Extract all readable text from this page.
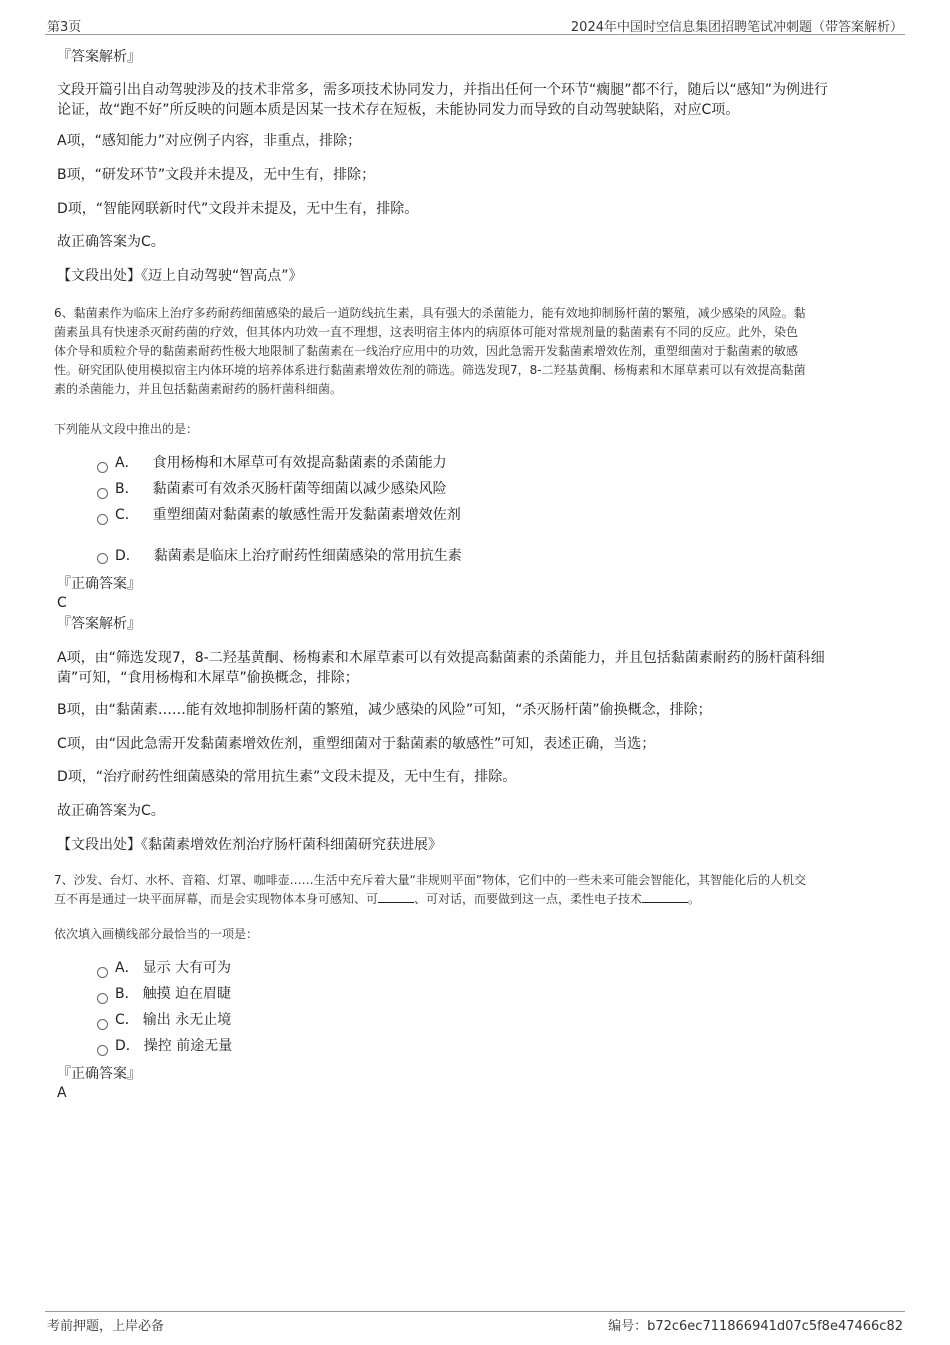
第3页	2024年中国时空信息集团招聘笔试冲刺题（带答案解析）
『答案解析』
文段开篇引出自动驾驶涉及的技术非常多，需多项技术协同发力，并指出任何一个环节“瘸腿”都不行，随后以“感知”为例进行
论证，故“跑不好”所反映的问题本质是因某一技术存在短板，未能协同发力而导致的自动驾驶缺陷，对应C项。
A项，“感知能力”对应例子内容，非重点，排除；
B项，“研发环节”文段并未提及，无中生有，排除；
D项，“智能网联新时代”文段并未提及，无中生有，排除。
故正确答案为C。
【文段出处】《迈上自动驾驶“智高点”》
6、黏菌素作为临床上治疗多药耐药细菌感染的最后一道防线抗生素，具有强大的杀菌能力，能有效地抑制肠杆菌的繁殖，减少感染的风险。黏
菌素虽具有快速杀灭耐药菌的疗效，但其体内功效一直不理想，这表明宿主体内的病原体可能对常规剂量的黏菌素有不同的反应。此外，染色
体介导和质粒介导的黏菌素耐药性极大地限制了黏菌素在一线治疗应用中的功效，因此急需开发黏菌素增效佐剂，重塑细菌对于黏菌素的敏感
性。研究团队使用模拟宿主内体环境的培养体系进行黏菌素增效佐剂的筛选。筛选发现7，8-二羟基黄酮、杨梅素和木犀草素可以有效提高黏菌
素的杀菌能力，并且包括黏菌素耐药的肠杆菌科细菌。
下列能从文段中推出的是：
A． 食用杨梅和木犀草可有效提高黏菌素的杀菌能力
B． 黏菌素可有效杀灭肠杆菌等细菌以减少感染风险
C． 重塑细菌对黏菌素的敏感性需开发黏菌素增效佐剂
D． 黏菌素是临床上治疗耐药性细菌感染的常用抗生素
『正确答案』
C
『答案解析』
A项，由“筛选发现7，8-二羟基黄酮、杨梅素和木犀草素可以有效提高黏菌素的杀菌能力，并且包括黏菌素耐药的肠杆菌科细
菌”可知，“食用杨梅和木犀草”偷换概念，排除；
B项，由“黏菌素……能有效地抑制肠杆菌的繁殖，减少感染的风险”可知，“杀灭肠杆菌”偷换概念，排除；
C项，由“因此急需开发黏菌素增效佐剂，重塑细菌对于黏菌素的敏感性”可知，表述正确，当选；
D项，“治疗耐药性细菌感染的常用抗生素”文段未提及，无中生有，排除。
故正确答案为C。
【文段出处】《黏菌素增效佐剂治疗肠杆菌科细菌研究获进展》
7、沙发、台灯、水杯、音箱、灯罩、咖啡壶……生活中充斥着大量“非规则平面”物体，它们中的一些未来可能会智能化，其智能化后的人机交
互不再是通过一块平面屏幕，而是会实现物体本身可感知、可	、可对话，而要做到这一点，柔性电子技术	。
依次填入画横线部分最恰当的一项是：
A． 显示 大有可为
B． 触摸 迫在眉睫
C． 输出 永无止境
D． 操控 前途无量
『正确答案』
A
考前押题，上岸必备	编号：b72c6ec711866941d07c5f8e47466c82
